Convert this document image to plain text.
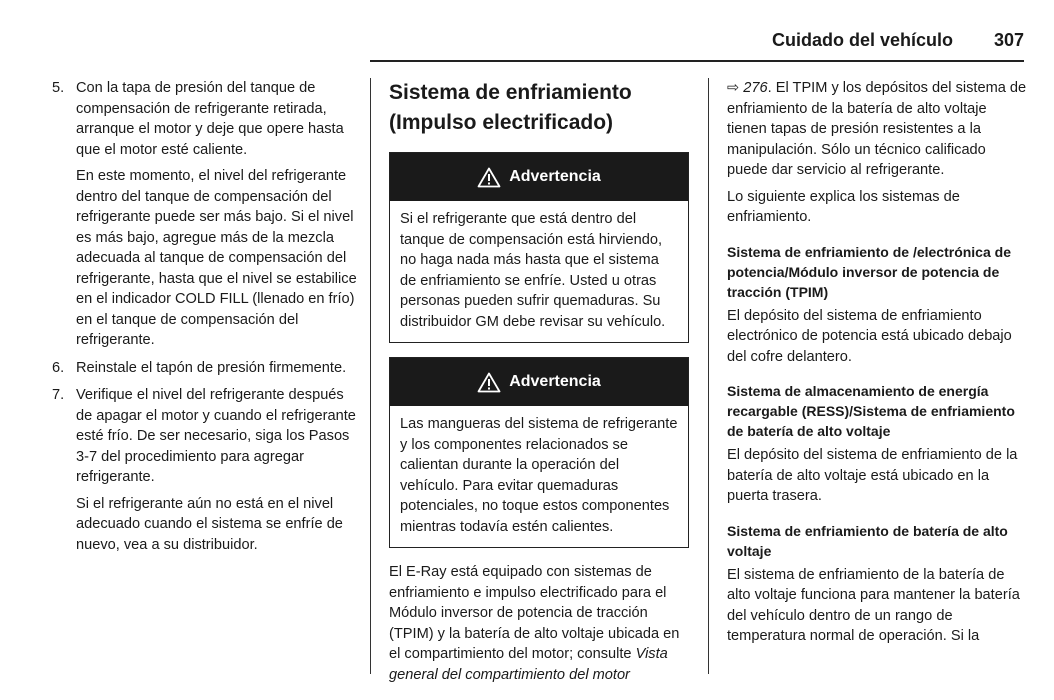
Cuidado del vehículo 307
5. Con la tapa de presión del tanque de compensación de refrigerante retirada, arranque el motor y deje que opere hasta que el motor esté caliente.

En este momento, el nivel del refrigerante dentro del tanque de compensación del refrigerante puede ser más bajo. Si el nivel es más bajo, agregue más de la mezcla adecuada al tanque de compensación del refrigerante, hasta que el nivel se estabilice en el indicador COLD FILL (llenado en frío) en el tanque de compensación del refrigerante.

6. Reinstale el tapón de presión firmemente.

7. Verifique el nivel del refrigerante después de apagar el motor y cuando el refrigerante esté frío. De ser necesario, siga los Pasos 3-7 del procedimiento para agregar refrigerante.

Si el refrigerante aún no está en el nivel adecuado cuando el sistema se enfríe de nuevo, vea a su distribuidor.

Sistema de enfriamiento (Impulso electrificado)
Advertencia
Si el refrigerante que está dentro del tanque de compensación está hirviendo, no haga nada más hasta que el sistema de enfriamiento se enfríe. Usted u otras personas pueden sufrir quemaduras. Su distribuidor GM debe revisar su vehículo.
Advertencia
Las mangueras del sistema de refrigerante y los componentes relacionados se calientan durante la operación del vehículo. Para evitar quemaduras potenciales, no toque estos componentes mientras todavía estén calientes.

El E-Ray está equipado con sistemas de enfriamiento e impulso electrificado para el Módulo inversor de potencia de tracción (TPIM) y la batería de alto voltaje ubicada en el compartimiento del motor; consulte Vista general del compartimiento del motor

⇨ 276. El TPIM y los depósitos del sistema de enfriamiento de la batería de alto voltaje tienen tapas de presión resistentes a la manipulación. Sólo un técnico calificado puede dar servicio al refrigerante.

Lo siguiente explica los sistemas de enfriamiento.

Sistema de enfriamiento de /electrónica de potencia/Módulo inversor de potencia de tracción (TPIM)

El depósito del sistema de enfriamiento electrónico de potencia está ubicado debajo del cofre delantero.

Sistema de almacenamiento de energía recargable (RESS)/Sistema de enfriamiento de batería de alto voltaje

El depósito del sistema de enfriamiento de la batería de alto voltaje está ubicado en la puerta trasera.

Sistema de enfriamiento de batería de alto voltaje

El sistema de enfriamiento de la batería de alto voltaje funciona para mantener la batería del vehículo dentro de un rango de temperatura normal de operación. Si la
